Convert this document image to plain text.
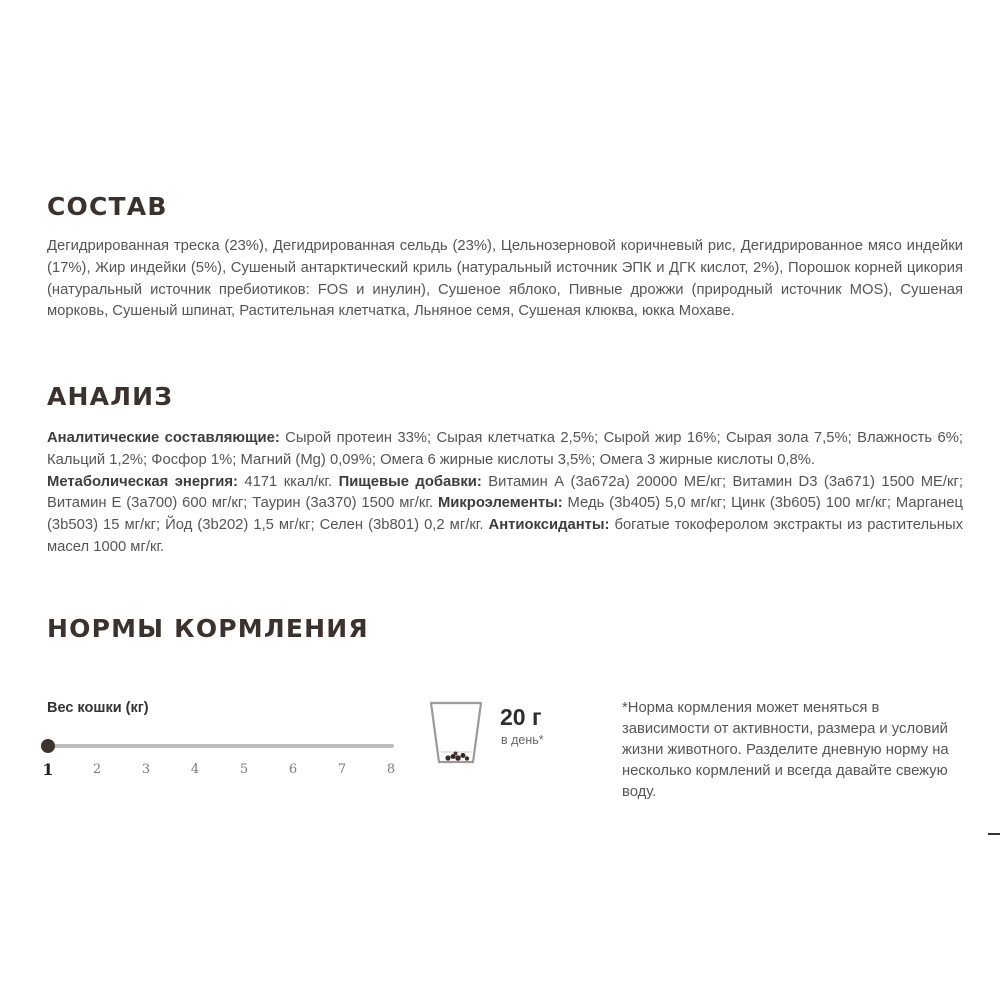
СОСТАВ

Дегидрированная треска (23%), Дегидрированная сельдь (23%), Цельнозерновой коричневый рис, Дегидрированное мясо индейки (17%), Жир индейки (5%), Сушеный антарктический криль (натуральный источник ЭПК и ДГК кислот, 2%), Порошок корней цикория (натуральный источник пребиотиков: FOS и инулин), Сушеное яблоко, Пивные дрожжи (природный источник MOS), Сушеная морковь, Сушеный шпинат, Растительная клетчатка, Льняное семя, Сушеная клюква, юкка Мохаве.

АНАЛИЗ

Аналитические составляющие: Сырой протеин 33%; Сырая клетчатка 2,5%; Сырой жир 16%; Сырая зола 7,5%; Влажность 6%; Кальций 1,2%; Фосфор 1%; Магний (Mg) 0,09%; Омега 6 жирные кислоты 3,5%; Омега 3 жирные кислоты 0,8%.
Метаболическая энергия: 4171 ккал/кг. Пищевые добавки: Витамин А (3а672а) 20000 МЕ/кг; Витамин D3 (3а671) 1500 МЕ/кг; Витамин Е (3а700) 600 мг/кг; Таурин (3а370) 1500 мг/кг. Микроэлементы: Медь (3b405) 5,0 мг/кг; Цинк (3b605) 100 мг/кг; Марганец (3b503) 15 мг/кг; Йод (3b202) 1,5 мг/кг; Селен (3b801) 0,2 мг/кг. Антиоксиданты: богатые токоферолом экстракты из растительных масел 1000 мг/кг.

НОРМЫ КОРМЛЕНИЯ
Вес кошки (кг)
1	2	3	4	5	6	7	8
20 г
в день*

*Норма кормления может меняться в зависимости от активности, размера и условий жизни животного. Разделите дневную норму на несколько кормлений и всегда давайте свежую воду.
